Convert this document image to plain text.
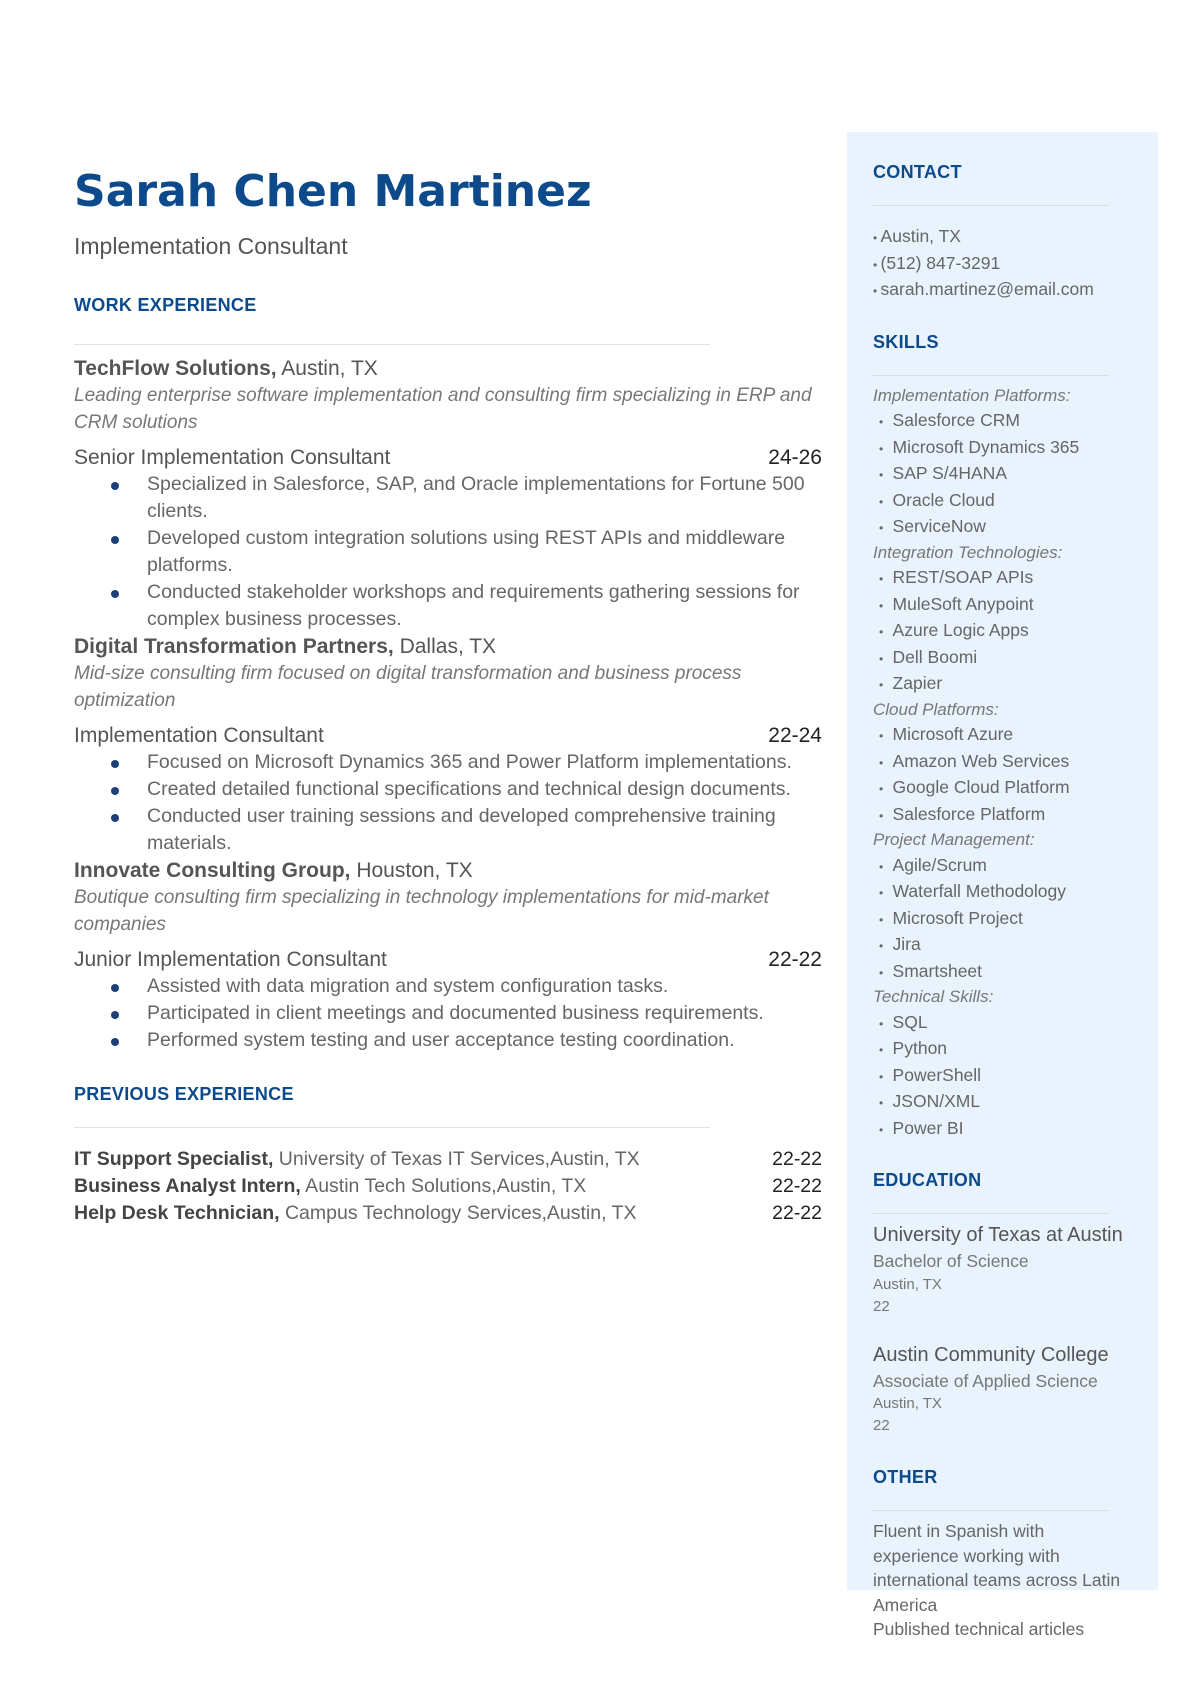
Sarah Chen Martinez
Implementation Consultant
WORK EXPERIENCE
TechFlow Solutions, Austin, TX
Leading enterprise software implementation and consulting firm specializing in ERP and CRM solutions
Senior Implementation Consultant	24-26
Specialized in Salesforce, SAP, and Oracle implementations for Fortune 500 clients.
Developed custom integration solutions using REST APIs and middleware platforms.
Conducted stakeholder workshops and requirements gathering sessions for complex business processes.
Digital Transformation Partners, Dallas, TX
Mid-size consulting firm focused on digital transformation and business process optimization
Implementation Consultant	22-24
Focused on Microsoft Dynamics 365 and Power Platform implementations.
Created detailed functional specifications and technical design documents.
Conducted user training sessions and developed comprehensive training materials.
Innovate Consulting Group, Houston, TX
Boutique consulting firm specializing in technology implementations for mid-market companies
Junior Implementation Consultant	22-22
Assisted with data migration and system configuration tasks.
Participated in client meetings and documented business requirements.
Performed system testing and user acceptance testing coordination.
PREVIOUS EXPERIENCE
IT Support Specialist, University of Texas IT Services,Austin, TX	22-22
Business Analyst Intern, Austin Tech Solutions,Austin, TX	22-22
Help Desk Technician, Campus Technology Services,Austin, TX	22-22
CONTACT
• Austin, TX
• (512) 847-3291
• sarah.martinez@email.com
SKILLS
Implementation Platforms:
• Salesforce CRM
• Microsoft Dynamics 365
• SAP S/4HANA
• Oracle Cloud
• ServiceNow
Integration Technologies:
• REST/SOAP APIs
• MuleSoft Anypoint
• Azure Logic Apps
• Dell Boomi
• Zapier
Cloud Platforms:
• Microsoft Azure
• Amazon Web Services
• Google Cloud Platform
• Salesforce Platform
Project Management:
• Agile/Scrum
• Waterfall Methodology
• Microsoft Project
• Jira
• Smartsheet
Technical Skills:
• SQL
• Python
• PowerShell
• JSON/XML
• Power BI
EDUCATION
University of Texas at Austin
Bachelor of Science
Austin, TX
22
Austin Community College
Associate of Applied Science
Austin, TX
22
OTHER
Fluent in Spanish with experience working with international teams across Latin America
Published technical articles
